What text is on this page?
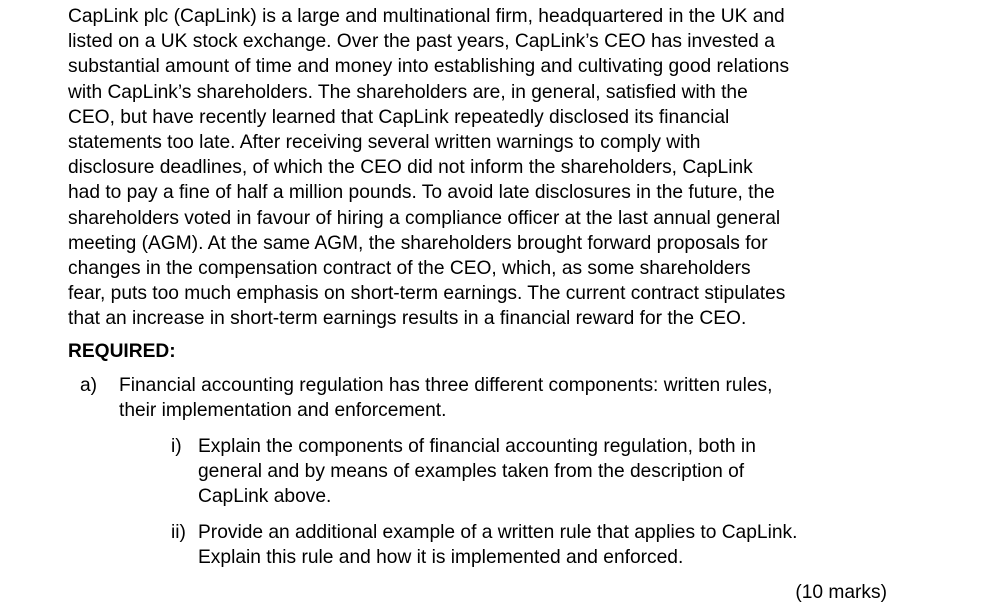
CapLink plc (CapLink) is a large and multinational firm, headquartered in the UK and
listed on a UK stock exchange. Over the past years, CapLink’s CEO has invested a
substantial amount of time and money into establishing and cultivating good relations
with CapLink’s shareholders. The shareholders are, in general, satisfied with the
CEO, but have recently learned that CapLink repeatedly disclosed its financial
statements too late. After receiving several written warnings to comply with
disclosure deadlines, of which the CEO did not inform the shareholders, CapLink
had to pay a fine of half a million pounds. To avoid late disclosures in the future, the
shareholders voted in favour of hiring a compliance officer at the last annual general
meeting (AGM). At the same AGM, the shareholders brought forward proposals for
changes in the compensation contract of the CEO, which, as some shareholders
fear, puts too much emphasis on short-term earnings. The current contract stipulates
that an increase in short-term earnings results in a financial reward for the CEO.
REQUIRED:
a) Financial accounting regulation has three different components: written rules,
their implementation and enforcement.
i) Explain the components of financial accounting regulation, both in
general and by means of examples taken from the description of
CapLink above.
ii) Provide an additional example of a written rule that applies to CapLink.
Explain this rule and how it is implemented and enforced.
(10 marks)
